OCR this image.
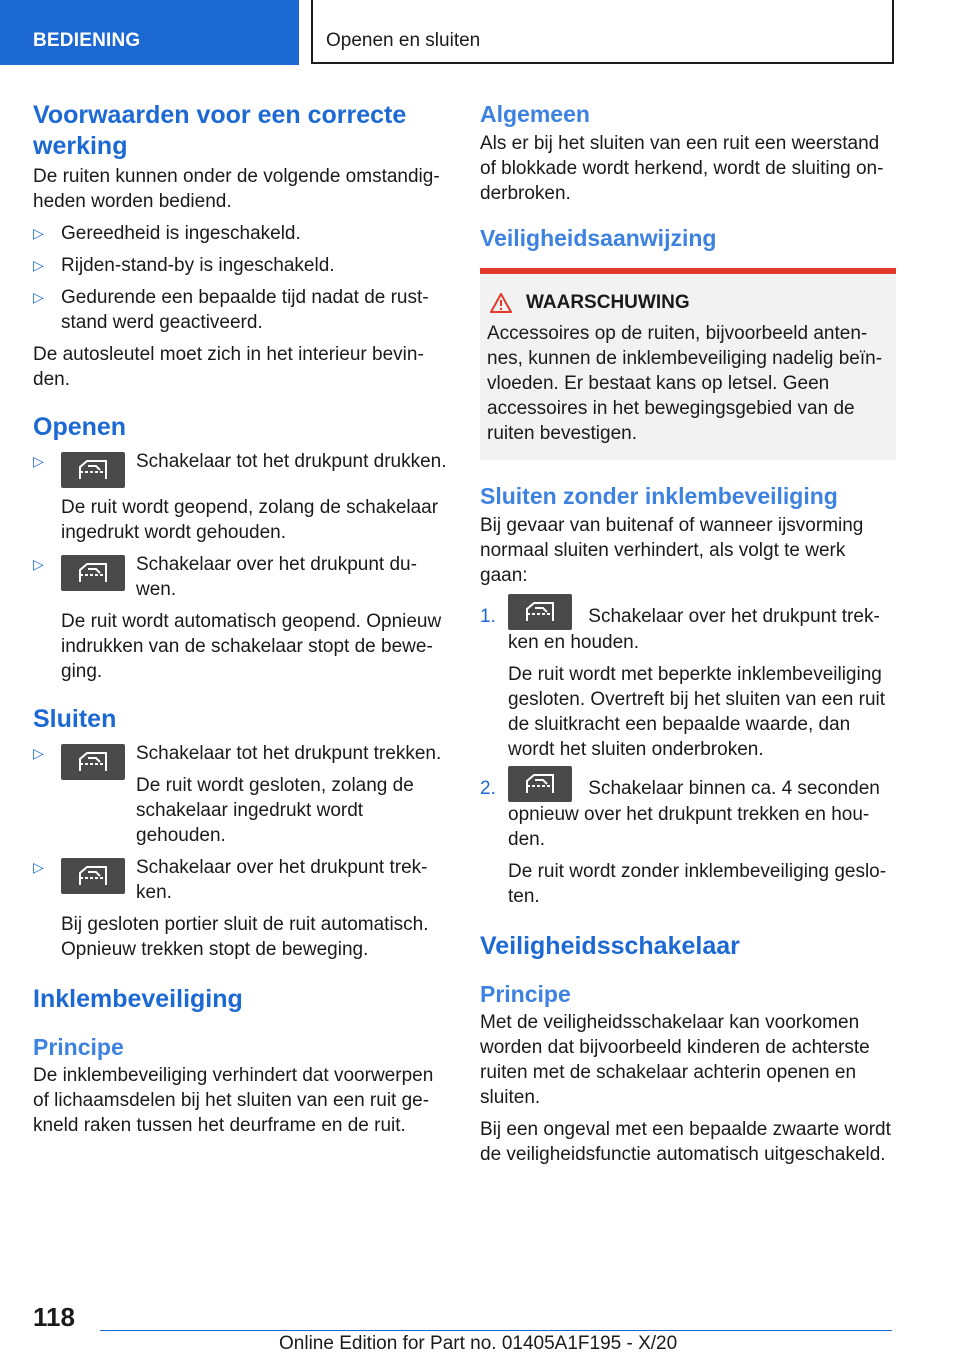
BEDIENING	Openen en sluiten
Voorwaarden voor een correcte werking

De ruiten kunnen onder de volgende omstandigheden worden bediend.

▷ Gereedheid is ingeschakeld.
▷ Rijden-stand-by is ingeschakeld.
▷ Gedurende een bepaalde tijd nadat de ruststand werd geactiveerd.

De autosleutel moet zich in het interieur bevinden.

Openen
▷	Schakelaar tot het drukpunt drukken.
De ruit wordt geopend, zolang de schakelaar ingedrukt wordt gehouden.
▷	Schakelaar over het drukpunt duwen.
De ruit wordt automatisch geopend. Opnieuw indrukken van de schakelaar stopt de beweging.
Sluiten
▷	Schakelaar tot het drukpunt trekken.
De ruit wordt gesloten, zolang de schakelaar ingedrukt wordt gehouden.
▷	Schakelaar over het drukpunt trekken.
Bij gesloten portier sluit de ruit automatisch. Opnieuw trekken stopt de beweging.
Inklembeveiliging
Principe

De inklembeveiliging verhindert dat voorwerpen of lichaamsdelen bij het sluiten van een ruit gekneld raken tussen het deurframe en de ruit.

Algemeen

Als er bij het sluiten van een ruit een weerstand of blokkade wordt herkend, wordt de sluiting onderbroken.

Veiligheidsaanwijzing
WAARSCHUWING
Accessoires op de ruiten, bijvoorbeeld antennes, kunnen de inklembeveiliging nadelig beïnvloeden. Er bestaat kans op letsel. Geen accessoires in het bewegingsgebied van de ruiten bevestigen.
Sluiten zonder inklembeveiliging

Bij gevaar van buitenaf of wanneer ijsvorming normaal sluiten verhindert, als volgt te werk gaan:

1.	Schakelaar over het drukpunt trekken en houden.
De ruit wordt met beperkte inklembeveiliging gesloten. Overtreft bij het sluiten van een ruit de sluitkracht een bepaalde waarde, dan wordt het sluiten onderbroken.
2.	Schakelaar binnen ca. 4 seconden opnieuw over het drukpunt trekken en houden.
De ruit wordt zonder inklembeveiliging gesloten.
Veiligheidsschakelaar
Principe

Met de veiligheidsschakelaar kan voorkomen worden dat bijvoorbeeld kinderen de achterste ruiten met de schakelaar achterin openen en sluiten.

Bij een ongeval met een bepaalde zwaarte wordt de veiligheidsfunctie automatisch uitgeschakeld.

118
Online Edition for Part no. 01405A1F195 - X/20
